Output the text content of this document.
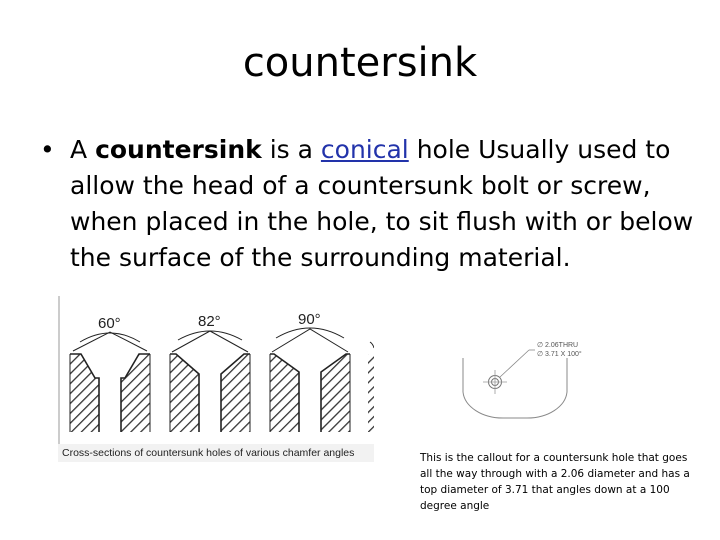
countersink
• A countersink is a conical hole Usually used to allow the head of a countersunk bolt or screw, when placed in the hole, to sit flush with or below the surface of the surrounding material.
60°	82°	90°
Cross-sections of countersunk holes of various chamfer angles
∅ 2.06THRU
∅ 3.71 X 100°
This is the callout for a countersunk hole that goes all the way through with a 2.06 diameter and has a top diameter of 3.71 that angles down at a 100 degree angle
